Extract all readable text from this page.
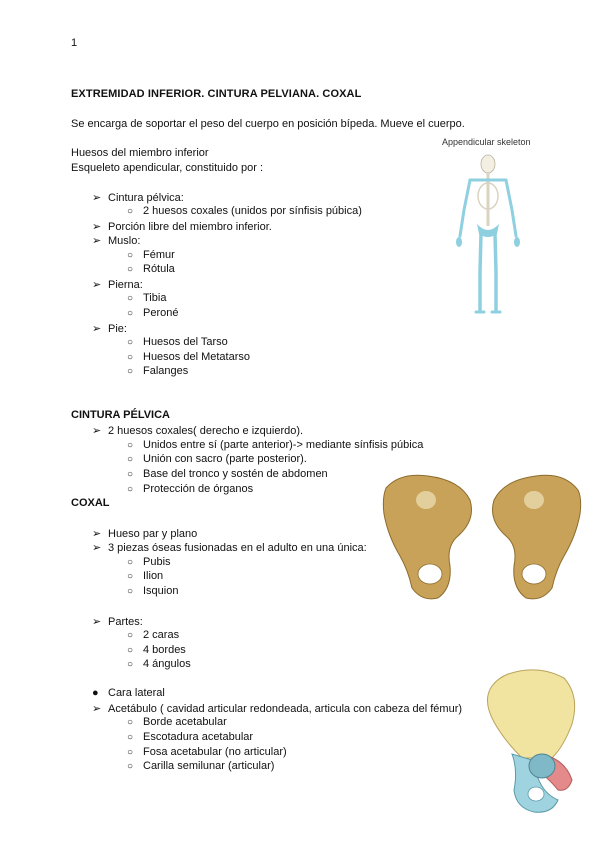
1
EXTREMIDAD INFERIOR. CINTURA PELVIANA. COXAL
Se encarga de soportar el peso del cuerpo en posición bípeda. Mueve el cuerpo.
Appendicular skeleton
Huesos del miembro inferior
Esqueleto apendicular, constituido por :
➢ Cintura pélvica:
○ 2 huesos coxales (unidos por sínfisis púbica)
➢ Porción libre del miembro inferior.
➢ Muslo:
○ Fémur
○ Rótula
➢ Pierna:
○ Tibia
○ Peroné
➢ Pie:
○ Huesos del Tarso
○ Huesos del Metatarso
○ Falanges
CINTURA PÉLVICA
➢ 2 huesos coxales( derecho e izquierdo).
○ Unidos entre sí (parte anterior)-> mediante sínfisis púbica
○ Unión con sacro (parte posterior).
○ Base del tronco y sostén de abdomen
○ Protección de órganos
COXAL
➢ Hueso par y plano
➢ 3 piezas óseas fusionadas en el adulto en una única:
○ Pubis
○ Ilion
○ Isquion
➢ Partes:
○ 2 caras
○ 4 bordes
○ 4 ángulos
● Cara lateral
➢ Acetábulo ( cavidad articular redondeada, articula con cabeza del fémur)
○ Borde acetabular
○ Escotadura acetabular
○ Fosa acetabular (no articular)
○ Carilla semilunar (articular)
